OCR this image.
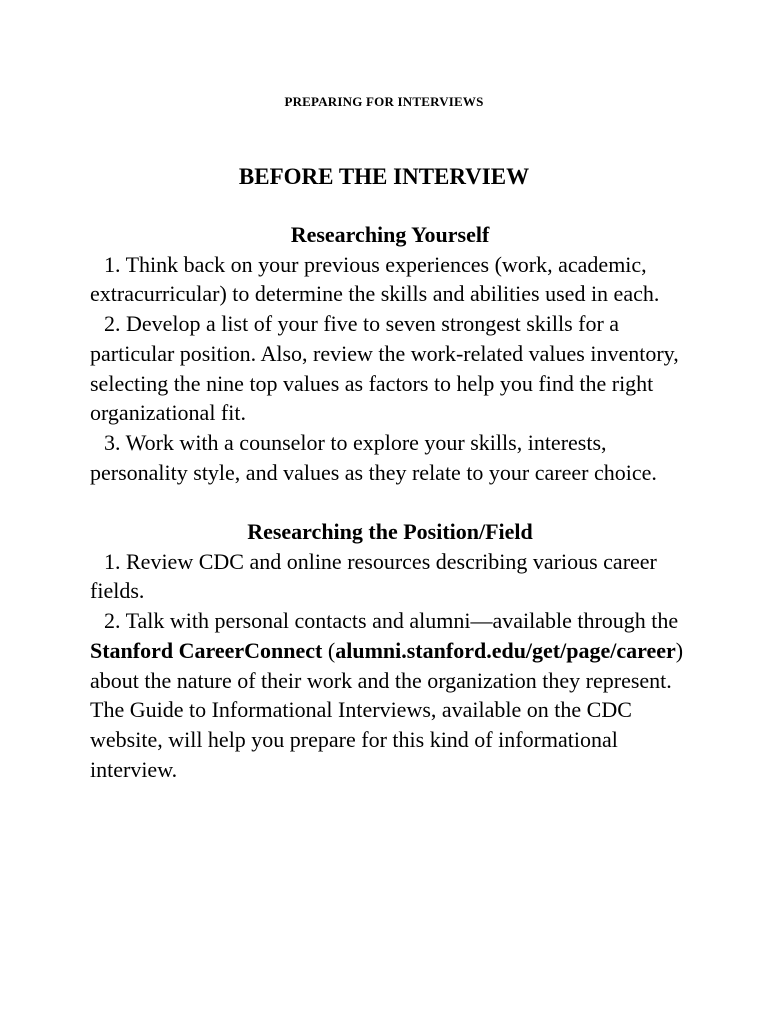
PREPARING FOR INTERVIEWS
BEFORE THE INTERVIEW

Researching Yourself

1. Think back on your previous experiences (work, academic, extracurricular) to determine the skills and abilities used in each.

2. Develop a list of your five to seven strongest skills for a particular position. Also, review the work-related values inventory, selecting the nine top values as factors to help you find the right organizational fit.

3. Work with a counselor to explore your skills, interests, personality style, and values as they relate to your career choice.

Researching the Position/Field

1. Review CDC and online resources describing various career fields.

2. Talk with personal contacts and alumni—available through the Stanford CareerConnect (alumni.stanford.edu/get/page/career) about the nature of their work and the organization they represent. The Guide to Informational Interviews, available on the CDC website, will help you prepare for this kind of informational interview.
